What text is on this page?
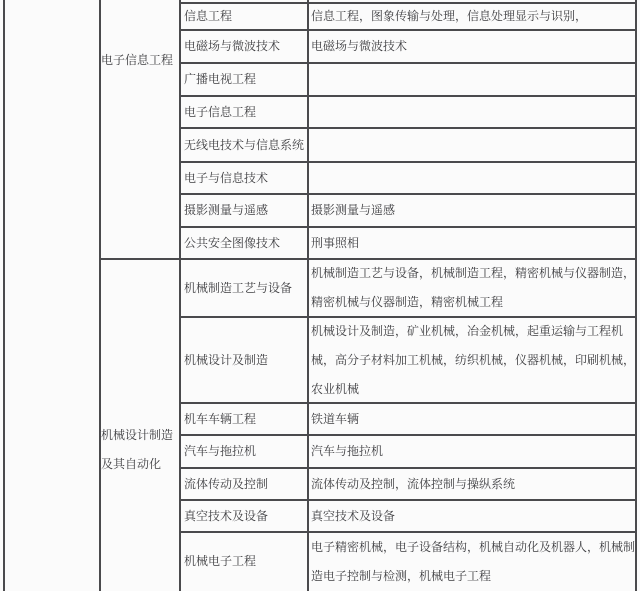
电子信息工程
机械设计制造及其自动化
信息工程
电磁场与微波技术
广播电视工程
电子信息工程
无线电技术与信息系统
电子与信息技术
摄影测量与遥感
公共安全图像技术
机械制造工艺与设备
机械设计及制造
机车车辆工程
汽车与拖拉机
流体传动及控制
真空技术及设备
机械电子工程
信息工程，图象传输与处理，信息处理显示与识别，
电磁场与微波技术
摄影测量与遥感
刑事照相
机械制造工艺与设备，机械制造工程，精密机械与仪器制造，精密机械与仪器制造，精密机械工程
机械设计及制造，矿业机械，冶金机械，起重运输与工程机械，高分子材料加工机械，纺织机械，仪器机械，印刷机械，农业机械
铁道车辆
汽车与拖拉机
流体传动及控制，流体控制与操纵系统
真空技术及设备
电子精密机械，电子设备结构，机械自动化及机器人，机械制造电子控制与检测，机械电子工程
